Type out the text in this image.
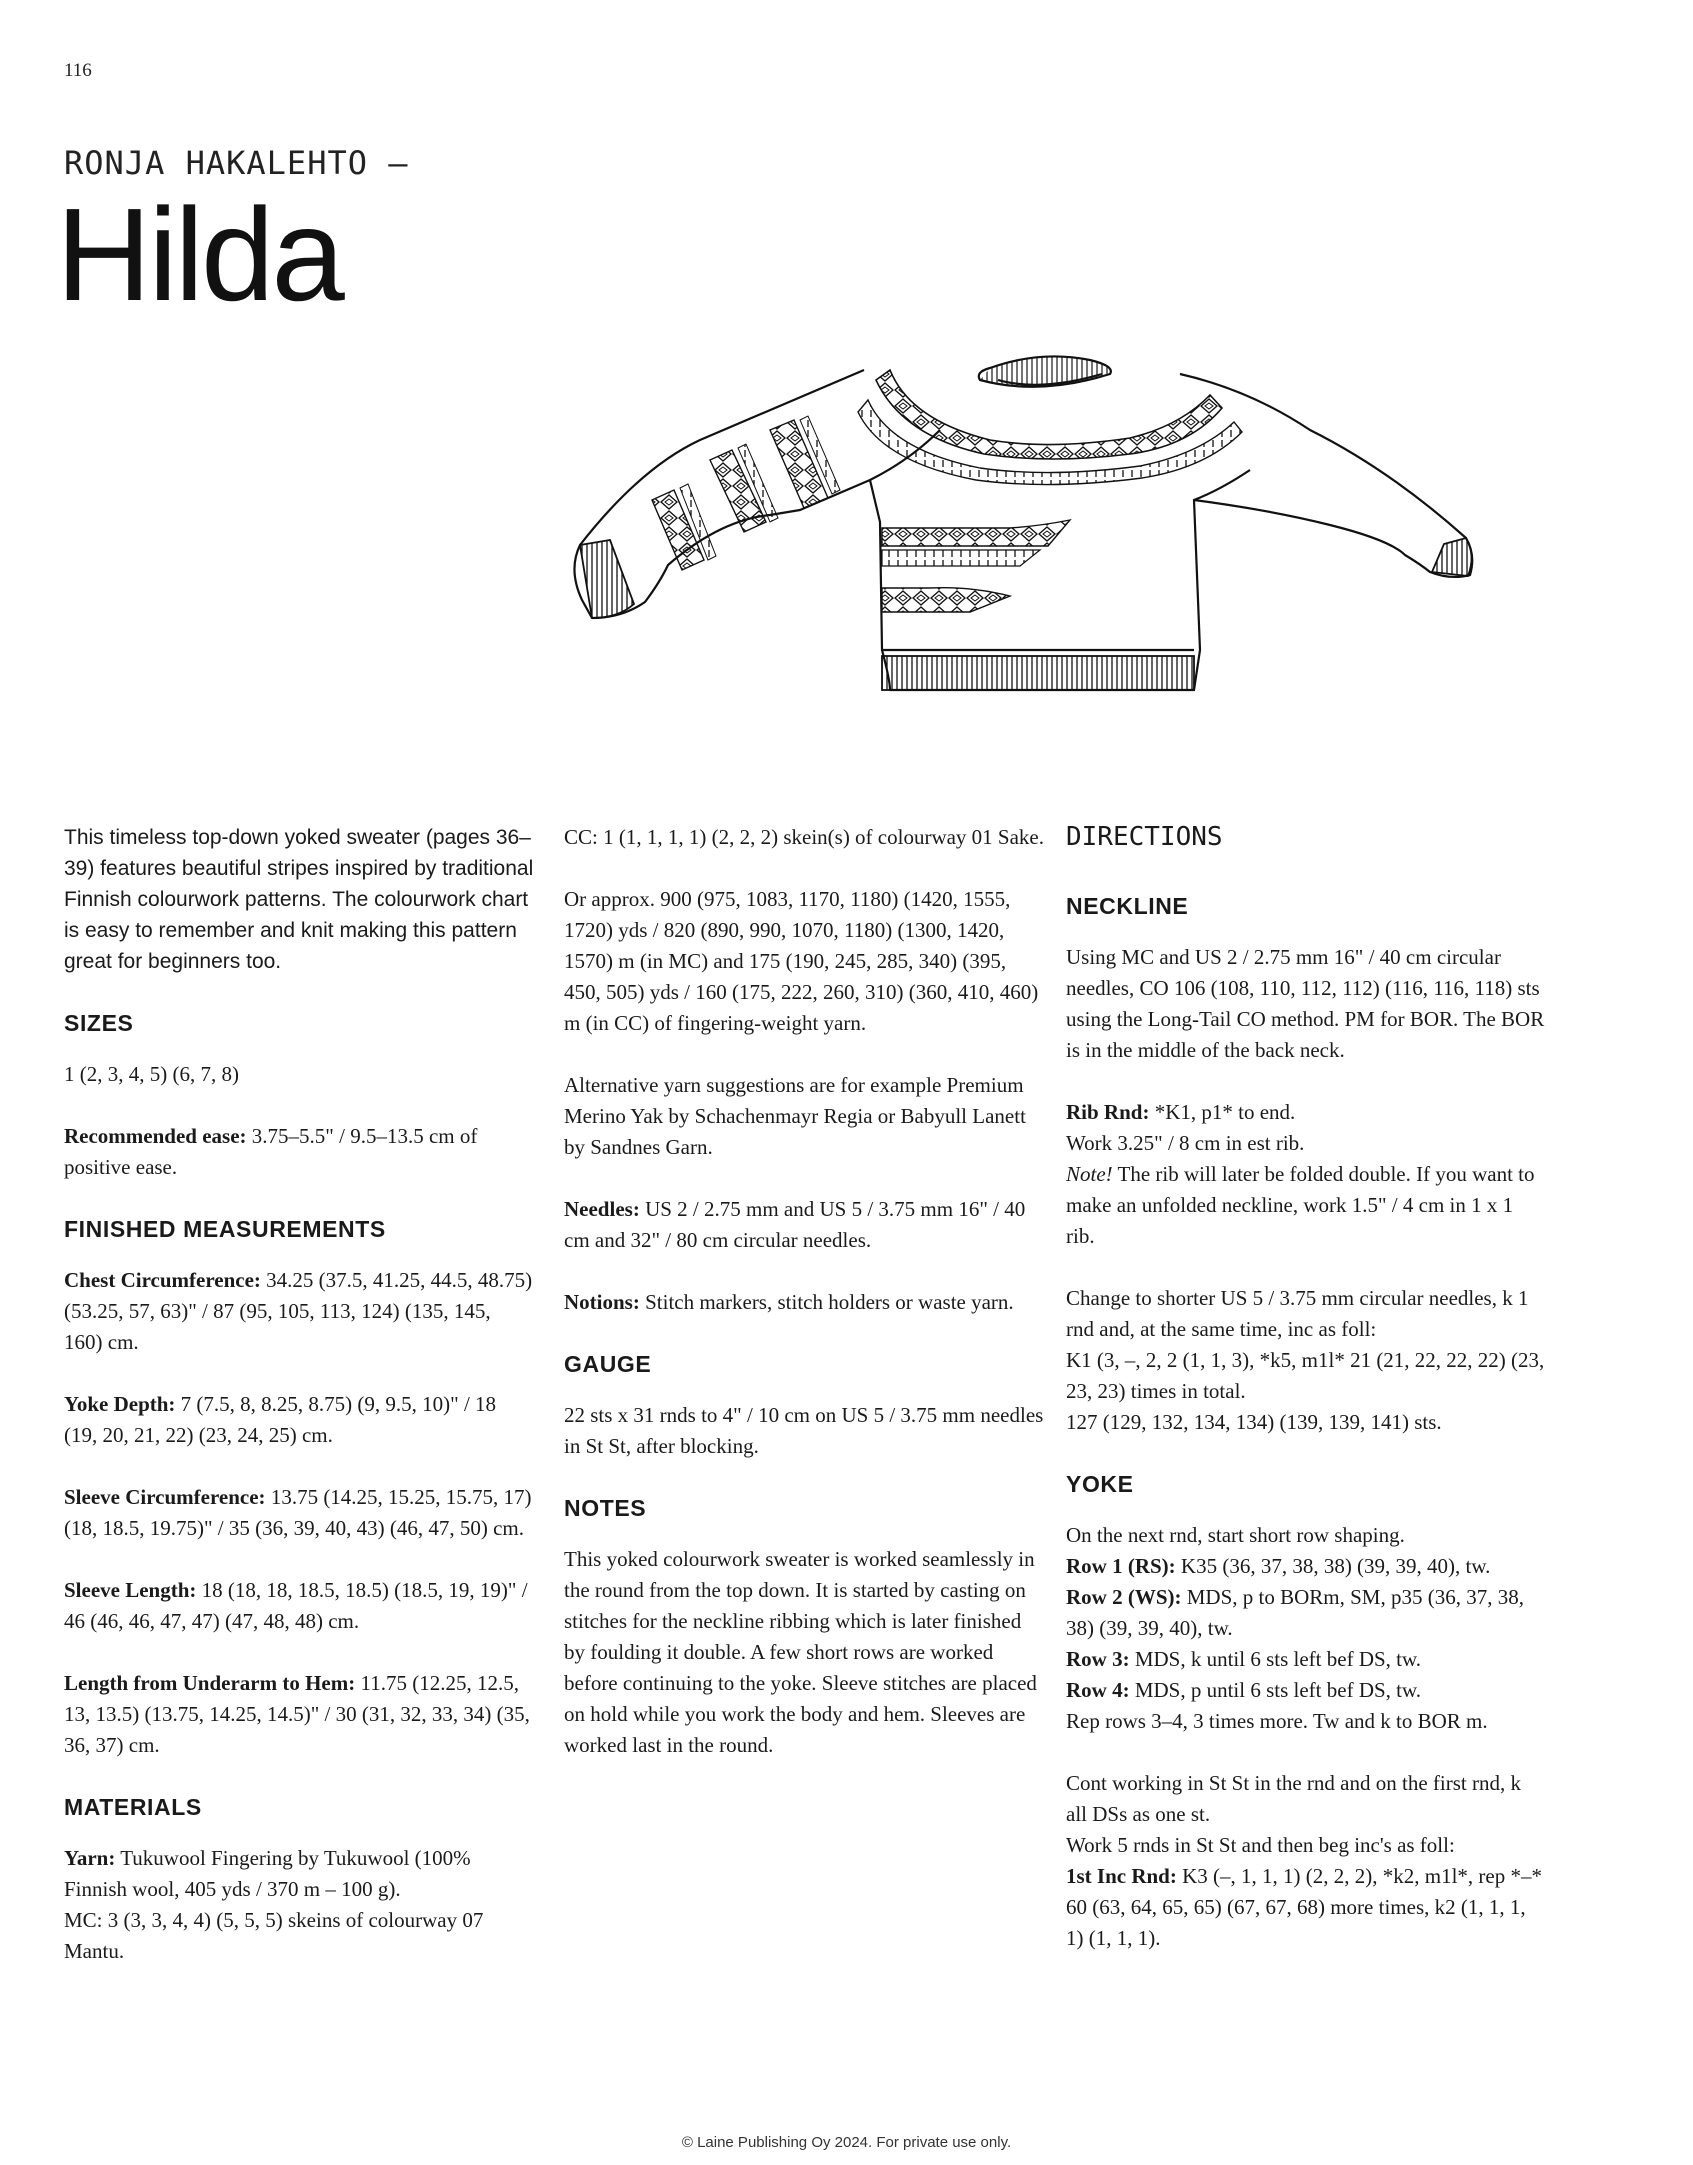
116
RONJA HAKALEHTO —
Hilda

This timeless top-down yoked sweater (pages 36–39) features beautiful stripes inspired by traditional Finnish colourwork patterns. The colourwork chart is easy to remember and knit making this pattern great for beginners too.

SIZES

1 (2, 3, 4, 5) (6, 7, 8)

Recommended ease: 3.75–5.5" / 9.5–13.5 cm of positive ease.

FINISHED MEASUREMENTS

Chest Circumference: 34.25 (37.5, 41.25, 44.5, 48.75) (53.25, 57, 63)" / 87 (95, 105, 113, 124) (135, 145, 160) cm.

Yoke Depth: 7 (7.5, 8, 8.25, 8.75) (9, 9.5, 10)" / 18 (19, 20, 21, 22) (23, 24, 25) cm.

Sleeve Circumference: 13.75 (14.25, 15.25, 15.75, 17) (18, 18.5, 19.75)" / 35 (36, 39, 40, 43) (46, 47, 50) cm.

Sleeve Length: 18 (18, 18, 18.5, 18.5) (18.5, 19, 19)" / 46 (46, 46, 47, 47) (47, 48, 48) cm.

Length from Underarm to Hem: 11.75 (12.25, 12.5, 13, 13.5) (13.75, 14.25, 14.5)" / 30 (31, 32, 33, 34) (35, 36, 37) cm.

MATERIALS

Yarn: Tukuwool Fingering by Tukuwool (100% Finnish wool, 405 yds / 370 m – 100 g).
MC: 3 (3, 3, 4, 4) (5, 5, 5) skeins of colourway 07 Mantu.

CC: 1 (1, 1, 1, 1) (2, 2, 2) skein(s) of colourway 01 Sake.

Or approx. 900 (975, 1083, 1170, 1180) (1420, 1555, 1720) yds / 820 (890, 990, 1070, 1180) (1300, 1420, 1570) m (in MC) and 175 (190, 245, 285, 340) (395, 450, 505) yds / 160 (175, 222, 260, 310) (360, 410, 460) m (in CC) of fingering-weight yarn.

Alternative yarn suggestions are for example Premium Merino Yak by Schachenmayr Regia or Babyull Lanett by Sandnes Garn.

Needles: US 2 / 2.75 mm and US 5 / 3.75 mm 16" / 40 cm and 32" / 80 cm circular needles.

Notions: Stitch markers, stitch holders or waste yarn.

GAUGE

22 sts x 31 rnds to 4" / 10 cm on US 5 / 3.75 mm needles in St St, after blocking.

NOTES

This yoked colourwork sweater is worked seamlessly in the round from the top down. It is started by casting on stitches for the neckline ribbing which is later finished by foulding it double. A few short rows are worked before continuing to the yoke. Sleeve stitches are placed on hold while you work the body and hem. Sleeves are worked last in the round.

DIRECTIONS
NECKLINE

Using MC and US 2 / 2.75 mm 16" / 40 cm circular needles, CO 106 (108, 110, 112, 112) (116, 116, 118) sts using the Long-Tail CO method. PM for BOR. The BOR is in the middle of the back neck.

Rib Rnd: *K1, p1* to end.
Work 3.25" / 8 cm in est rib.
Note! The rib will later be folded double. If you want to make an unfolded neckline, work 1.5" / 4 cm in 1 x 1 rib.

Change to shorter US 5 / 3.75 mm circular needles, k 1 rnd and, at the same time, inc as foll:
K1 (3, –, 2, 2 (1, 1, 3), *k5, m1l* 21 (21, 22, 22, 22) (23, 23, 23) times in total.
127 (129, 132, 134, 134) (139, 139, 141) sts.

YOKE

On the next rnd, start short row shaping.
Row 1 (RS): K35 (36, 37, 38, 38) (39, 39, 40), tw.
Row 2 (WS): MDS, p to BORm, SM, p35 (36, 37, 38, 38) (39, 39, 40), tw.
Row 3: MDS, k until 6 sts left bef DS, tw.
Row 4: MDS, p until 6 sts left bef DS, tw.
Rep rows 3–4, 3 times more. Tw and k to BOR m.

Cont working in St St in the rnd and on the first rnd, k all DSs as one st.
Work 5 rnds in St St and then beg inc's as foll:
1st Inc Rnd: K3 (–, 1, 1, 1) (2, 2, 2), *k2, m1l*, rep *–* 60 (63, 64, 65, 65) (67, 67, 68) more times, k2 (1, 1, 1, 1) (1, 1, 1).

© Laine Publishing Oy 2024. For private use only.
